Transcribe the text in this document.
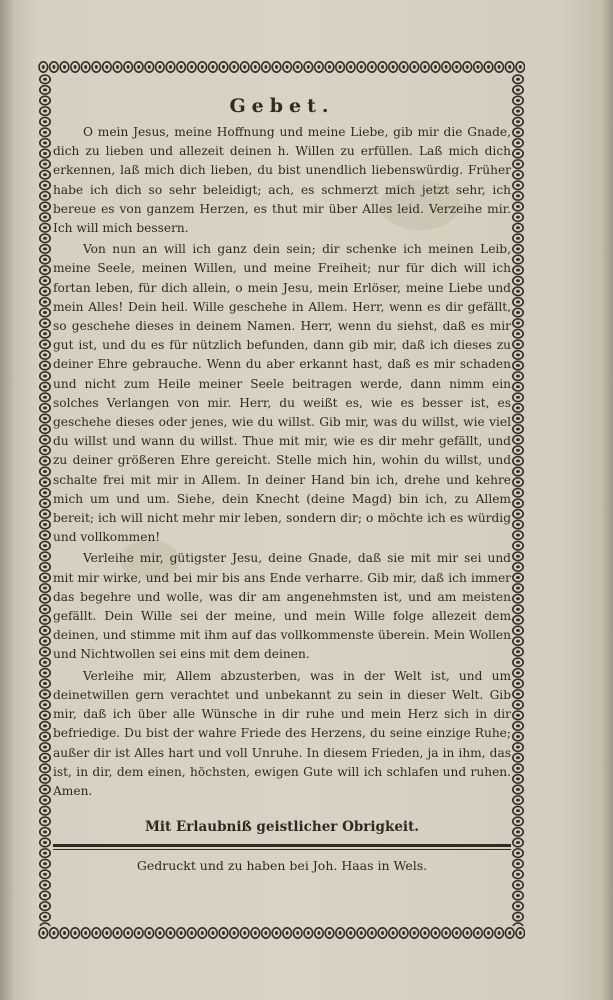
Gebet.

O mein Jesus, meine Hoffnung und meine Liebe, gib mir die Gnade, dich zu lieben und allezeit deinen h. Willen zu erfüllen. Laß mich dich erkennen, laß mich dich lieben, du bist unendlich liebenswürdig. Früher habe ich dich so sehr beleidigt; ach, es schmerzt mich jetzt sehr, ich bereue es von ganzem Herzen, es thut mir über Alles leid. Verzeihe mir. Ich will mich bessern.

Von nun an will ich ganz dein sein; dir schenke ich meinen Leib, meine Seele, meinen Willen, und meine Freiheit; nur für dich will ich fortan leben, für dich allein, o mein Jesu, mein Erlöser, meine Liebe und mein Alles! Dein heil. Wille geschehe in Allem. Herr, wenn es dir gefällt, so geschehe dieses in deinem Namen. Herr, wenn du siehst, daß es mir gut ist, und du es für nützlich befunden, dann gib mir, daß ich dieses zu deiner Ehre gebrauche. Wenn du aber erkannt hast, daß es mir schaden und nicht zum Heile meiner Seele beitragen werde, dann nimm ein solches Verlangen von mir. Herr, du weißt es, wie es besser ist, es geschehe dieses oder jenes, wie du willst. Gib mir, was du willst, wie viel du willst und wann du willst. Thue mit mir, wie es dir mehr gefällt, und zu deiner größeren Ehre gereicht. Stelle mich hin, wohin du willst, und schalte frei mit mir in Allem. In deiner Hand bin ich, drehe und kehre mich um und um. Siehe, dein Knecht (deine Magd) bin ich, zu Allem bereit; ich will nicht mehr mir leben, sondern dir; o möchte ich es würdig und vollkommen!

Verleihe mir, gütigster Jesu, deine Gnade, daß sie mit mir sei und mit mir wirke, und bei mir bis ans Ende verharre. Gib mir, daß ich immer das begehre und wolle, was dir am angenehmsten ist, und am meisten gefällt. Dein Wille sei der meine, und mein Wille folge allezeit dem deinen, und stimme mit ihm auf das vollkommenste überein. Mein Wollen und Nichtwollen sei eins mit dem deinen.

Verleihe mir, Allem abzusterben, was in der Welt ist, und um deinetwillen gern verachtet und unbekannt zu sein in dieser Welt. Gib mir, daß ich über alle Wünsche in dir ruhe und mein Herz sich in dir befriedige. Du bist der wahre Friede des Herzens, du seine einzige Ruhe; außer dir ist Alles hart und voll Unruhe. In diesem Frieden, ja in ihm, das ist, in dir, dem einen, höchsten, ewigen Gute will ich schlafen und ruhen. Amen.

Mit Erlaubniß geistlicher Obrigkeit.
Gedruckt und zu haben bei Joh. Haas in Wels.
